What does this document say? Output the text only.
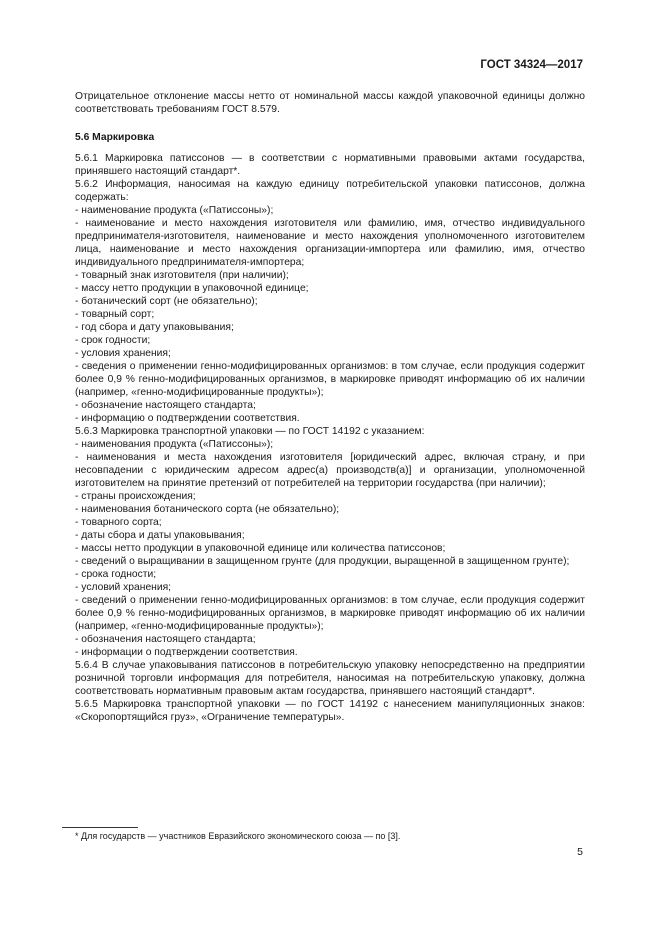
ГОСТ 34324—2017

Отрицательное отклонение массы нетто от номинальной массы каждой упаковочной единицы должно соответствовать требованиям ГОСТ 8.579.

5.6 Маркировка

5.6.1 Маркировка патиссонов — в соответствии с нормативными правовыми актами государства, принявшего настоящий стандарт*.

5.6.2 Информация, наносимая на каждую единицу потребительской упаковки патиссонов, должна содержать:

- наименование продукта («Патиссоны»);

- наименование и место нахождения изготовителя или фамилию, имя, отчество индивидуального предпринимателя-изготовителя, наименование и место нахождения уполномоченного изготовителем лица, наименование и место нахождения организации-импортера или фамилию, имя, отчество индивидуального предпринимателя-импортера;

- товарный знак изготовителя (при наличии);

- массу нетто продукции в упаковочной единице;

- ботанический сорт (не обязательно);

- товарный сорт;

- год сбора и дату упаковывания;

- срок годности;

- условия хранения;

- сведения о применении генно-модифицированных организмов: в том случае, если продукция содержит более 0,9 % генно-модифицированных организмов, в маркировке приводят информацию об их наличии (например, «генно-модифицированные продукты»);

- обозначение настоящего стандарта;

- информацию о подтверждении соответствия.

5.6.3 Маркировка транспортной упаковки — по ГОСТ 14192 с указанием:

- наименования продукта («Патиссоны»);

- наименования и места нахождения изготовителя [юридический адрес, включая страну, и при несовпадении с юридическим адресом адрес(а) производств(а)] и организации, уполномоченной изготовителем на принятие претензий от потребителей на территории государства (при наличии);

- страны происхождения;

- наименования ботанического сорта (не обязательно);

- товарного сорта;

- даты сбора и даты упаковывания;

- массы нетто продукции в упаковочной единице или количества патиссонов;

- сведений о выращивании в защищенном грунте (для продукции, выращенной в защищенном грунте);

- срока годности;

- условий хранения;

- сведений о применении генно-модифицированных организмов: в том случае, если продукция содержит более 0,9 % генно-модифицированных организмов, в маркировке приводят информацию об их наличии (например, «генно-модифицированные продукты»);

- обозначения настоящего стандарта;

- информации о подтверждении соответствия.

5.6.4 В случае упаковывания патиссонов в потребительскую упаковку непосредственно на предприятии розничной торговли информация для потребителя, наносимая на потребительскую упаковку, должна соответствовать нормативным правовым актам государства, принявшего настоящий стандарт*.

5.6.5 Маркировка транспортной упаковки — по ГОСТ 14192 с нанесением манипуляционных знаков: «Скоропортящийся груз», «Ограничение температуры».

* Для государств — участников Евразийского экономического союза — по [3].
5
